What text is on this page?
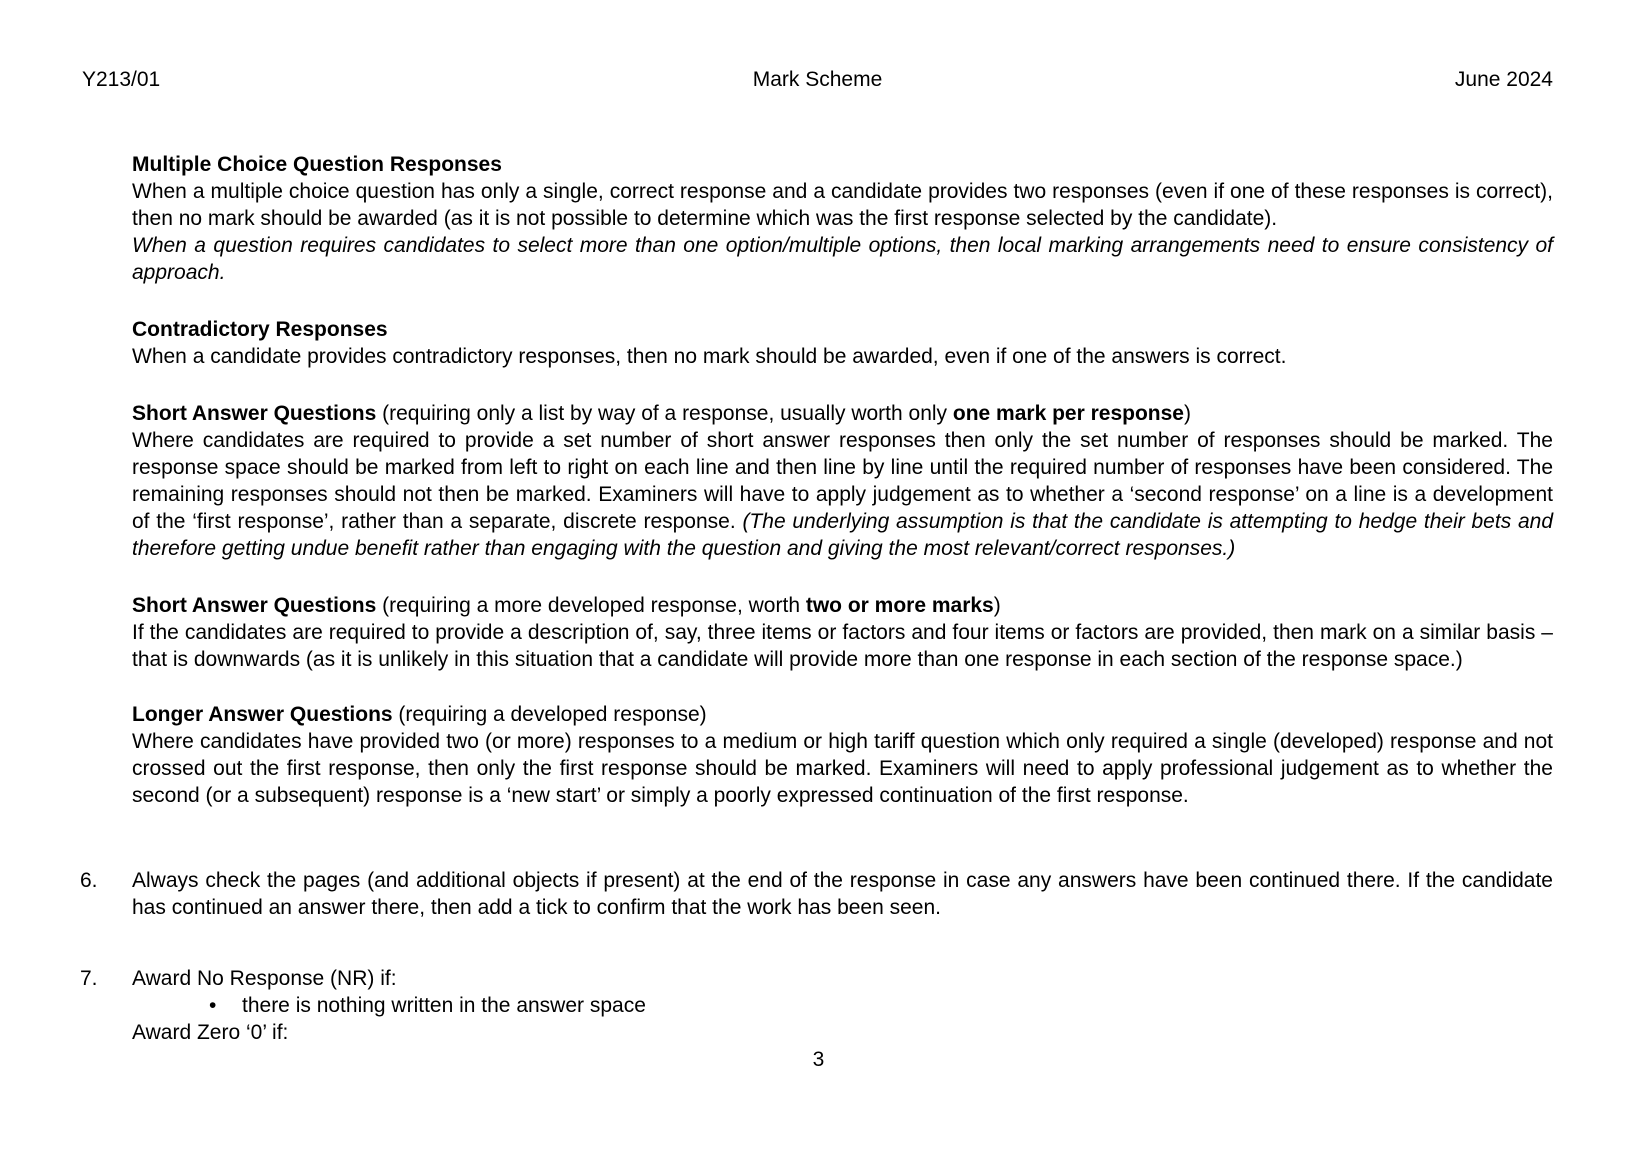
Y213/01	Mark Scheme	June 2024

Multiple Choice Question Responses

When a multiple choice question has only a single, correct response and a candidate provides two responses (even if one of these responses is correct), then no mark should be awarded (as it is not possible to determine which was the first response selected by the candidate).

When a question requires candidates to select more than one option/multiple options, then local marking arrangements need to ensure consistency of approach.

Contradictory Responses

When a candidate provides contradictory responses, then no mark should be awarded, even if one of the answers is correct.

Short Answer Questions (requiring only a list by way of a response, usually worth only one mark per response)

Where candidates are required to provide a set number of short answer responses then only the set number of responses should be marked. The response space should be marked from left to right on each line and then line by line until the required number of responses have been considered. The remaining responses should not then be marked. Examiners will have to apply judgement as to whether a ‘second response’ on a line is a development of the ‘first response’, rather than a separate, discrete response. (The underlying assumption is that the candidate is attempting to hedge their bets and therefore getting undue benefit rather than engaging with the question and giving the most relevant/correct responses.)

Short Answer Questions (requiring a more developed response, worth two or more marks)

If the candidates are required to provide a description of, say, three items or factors and four items or factors are provided, then mark on a similar basis – that is downwards (as it is unlikely in this situation that a candidate will provide more than one response in each section of the response space.)

Longer Answer Questions (requiring a developed response)

Where candidates have provided two (or more) responses to a medium or high tariff question which only required a single (developed) response and not crossed out the first response, then only the first response should be marked. Examiners will need to apply professional judgement as to whether the second (or a subsequent) response is a ‘new start’ or simply a poorly expressed continuation of the first response.

6.	Always check the pages (and additional objects if present) at the end of the response in case any answers have been continued there. If the candidate has continued an answer there, then add a tick to confirm that the work has been seen.

7.	Award No Response (NR) if:

• there is nothing written in the answer space

Award Zero ‘0’ if:

3
